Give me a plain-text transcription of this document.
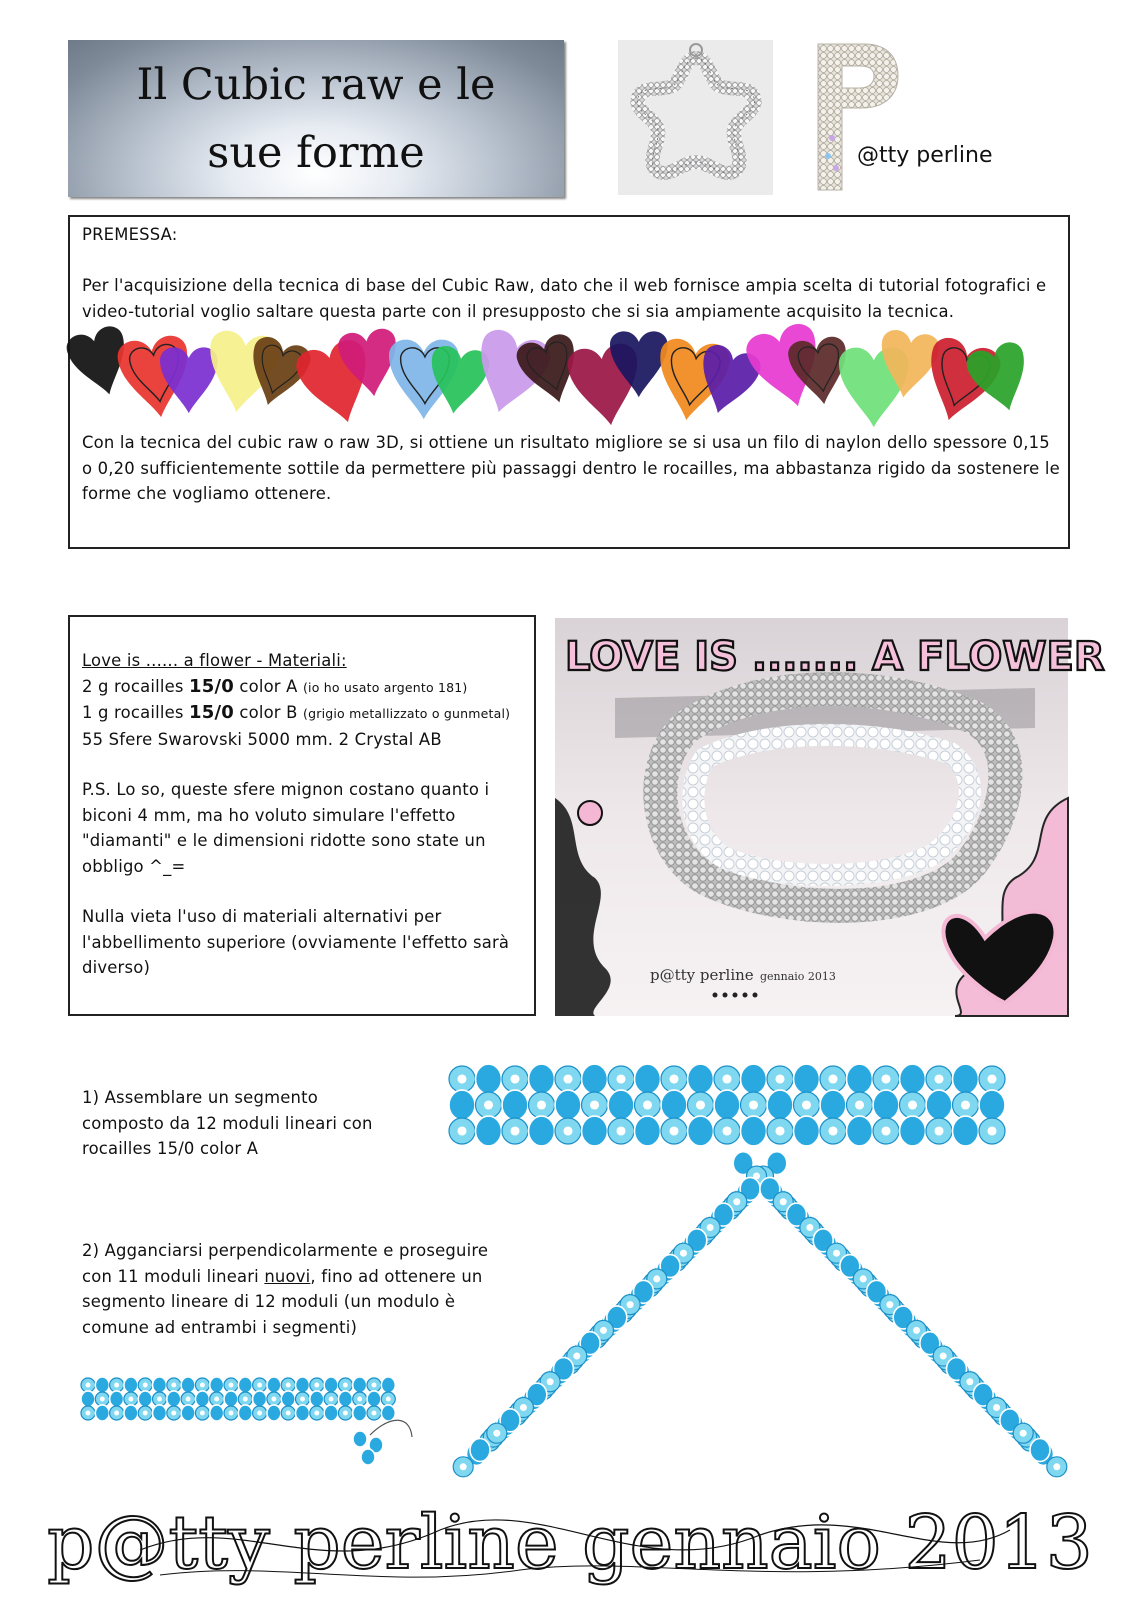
Il Cubic raw e le sue forme	@tty perline
PREMESSA:
Per l'acquisizione della tecnica di base del Cubic Raw, dato che il web fornisce ampia scelta di tutorial fotografici e video-tutorial voglio saltare questa parte con il presupposto che si sia ampiamente acquisito la tecnica.
Con la tecnica del cubic raw o raw 3D, si ottiene un risultato migliore se si usa un filo di naylon dello spessore 0,15 o 0,20 sufficientemente sottile da permettere più passaggi dentro le rocailles, ma abbastanza rigido da sostenere le forme che vogliamo ottenere.
Love is ...... a flower - Materiali:
2 g rocailles 15/0 color A (io ho usato argento 181)
1 g rocailles 15/0 color B (grigio metallizzato o gunmetal)
55 Sfere Swarovski 5000 mm. 2 Crystal AB
P.S. Lo so, queste sfere mignon costano quanto i biconi 4 mm, ma ho voluto simulare l'effetto "diamanti" e le dimensioni ridotte sono state un obbligo ^_=
Nulla vieta l'uso di materiali alternativi per l'abbellimento superiore (ovviamente l'effetto sarà diverso)
LOVE IS ....... A FLOWER
p@tty perline gennaio 2013
1) Assemblare un segmento composto da 12 moduli lineari con rocailles 15/0 color A
2) Agganciarsi perpendicolarmente e proseguire con 11 moduli lineari nuovi, fino ad ottenere un segmento lineare di 12 moduli (un modulo è comune ad entrambi i segmenti)
p@tty perline gennaio 2013
